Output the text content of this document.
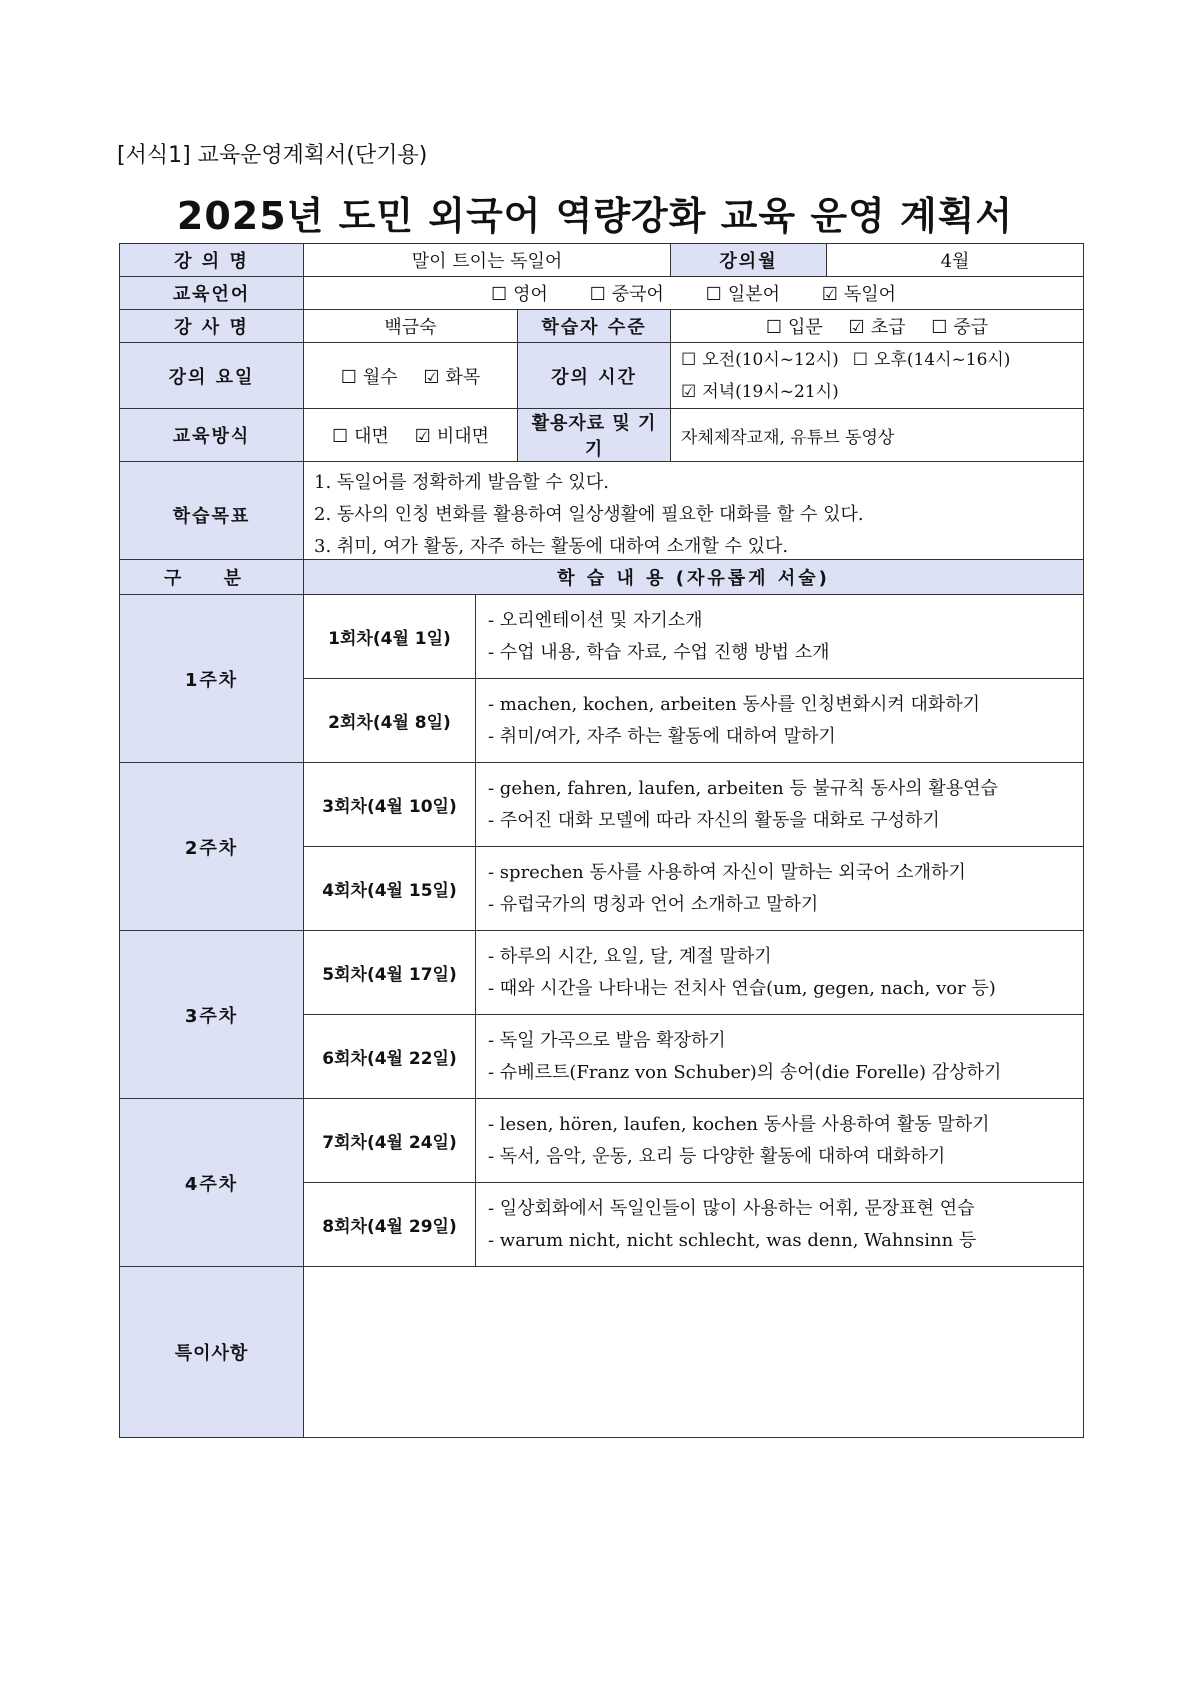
[서식1] 교육운영계획서(단기용)
2025년 도민 외국어 역량강화 교육 운영 계획서
강 의 명	말이 트이는 독일어		강의월	4월
교육언어	☐ 영어 ☐ 중국어 ☐ 일본어 ☑ 독일어			
강 사 명	백금숙	학습자 수준	☐ 입문 ☑ 초급 ☐ 중급	
강의 요일	☐ 월수 ☑ 화목	강의 시간	☐ 오전(10시~12시) ☐ 오후(14시~16시)
☑ 저녁(19시~21시)	
교육방식	☐ 대면 ☑ 비대면	활용자료 및 기기	자체제작교재, 유튜브 동영상	
학습목표	1. 독일어를 정확하게 발음할 수 있다.
2. 동사의 인칭 변화를 활용하여 일상생활에 필요한 대화를 할 수 있다.
3. 취미, 여가 활동, 자주 하는 활동에 대하여 소개할 수 있다.			
구 분	학 습 내 용 (자유롭게 서술)	
1주차	1회차(4월 1일)	- 오리엔테이션 및 자기소개
- 수업 내용, 학습 자료, 수업 진행 방법 소개

	2회차(4월 8일)	- machen, kochen, arbeiten 동사를 인칭변화시켜 대화하기
- 취미/여가, 자주 하는 활동에 대하여 말하기

2주차	3회차(4월 10일)	- gehen, fahren, laufen, arbeiten 등 불규칙 동사의 활용연습
- 주어진 대화 모델에 따라 자신의 활동을 대화로 구성하기

	4회차(4월 15일)	- sprechen 동사를 사용하여 자신이 말하는 외국어 소개하기
- 유럽국가의 명칭과 언어 소개하고 말하기

3주차	5회차(4월 17일)	- 하루의 시간, 요일, 달, 계절 말하기
- 때와 시간을 나타내는 전치사 연습(um, gegen, nach, vor 등)

	6회차(4월 22일)	- 독일 가곡으로 발음 확장하기
- 슈베르트(Franz von Schuber)의 송어(die Forelle) 감상하기

4주차	7회차(4월 24일)	- lesen, hören, laufen, kochen 동사를 사용하여 활동 말하기
- 독서, 음악, 운동, 요리 등 다양한 활동에 대하여 대화하기

	8회차(4월 29일)	- 일상회화에서 독일인들이 많이 사용하는 어휘, 문장표현 연습
- warum nicht, nicht schlecht, was denn, Wahnsinn 등

특이사항		
